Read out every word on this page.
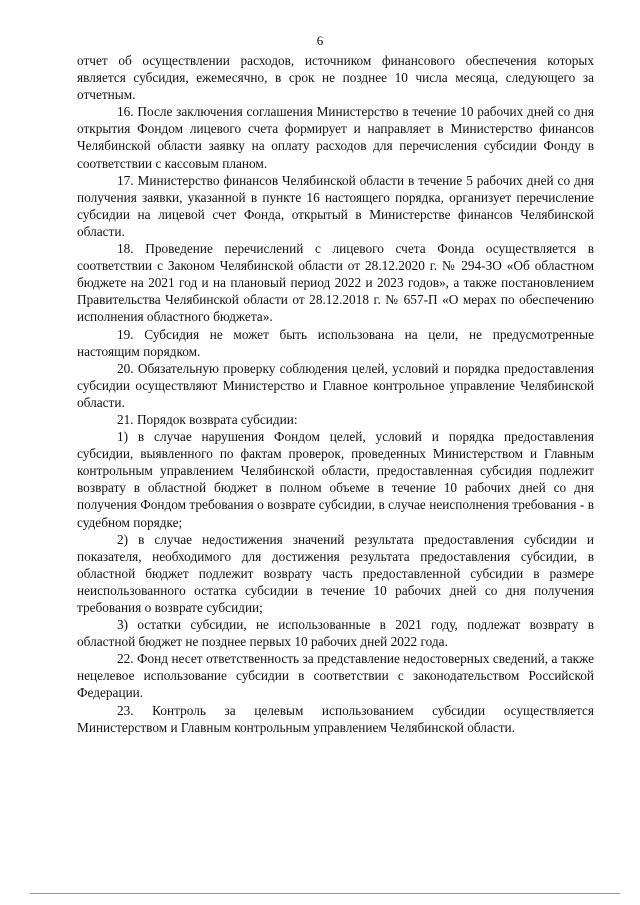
6

отчет об осуществлении расходов, источником финансового обеспечения которых является субсидия, ежемесячно, в срок не позднее 10 числа месяца, следующего за отчетным.

16. После заключения соглашения Министерство в течение 10 рабочих дней со дня открытия Фондом лицевого счета формирует и направляет в Министерство финансов Челябинской области заявку на оплату расходов для перечисления субсидии Фонду в соответствии с кассовым планом.

17. Министерство финансов Челябинской области в течение 5 рабочих дней со дня получения заявки, указанной в пункте 16 настоящего порядка, организует перечисление субсидии на лицевой счет Фонда, открытый в Министерстве финансов Челябинской области.

18. Проведение перечислений с лицевого счета Фонда осуществляется в соответствии с Законом Челябинской области от 28.12.2020 г. № 294-ЗО «Об областном бюджете на 2021 год и на плановый период 2022 и 2023 годов», а также постановлением Правительства Челябинской области от 28.12.2018 г. № 657-П «О мерах по обеспечению исполнения областного бюджета».

19. Субсидия не может быть использована на цели, не предусмотренные настоящим порядком.

20. Обязательную проверку соблюдения целей, условий и порядка предоставления субсидии осуществляют Министерство и Главное контрольное управление Челябинской области.

21. Порядок возврата субсидии:

1) в случае нарушения Фондом целей, условий и порядка предоставления субсидии, выявленного по фактам проверок, проведенных Министерством и Главным контрольным управлением Челябинской области, предоставленная субсидия подлежит возврату в областной бюджет в полном объеме в течение 10 рабочих дней со дня получения Фондом требования о возврате субсидии, в случае неисполнения требования - в судебном порядке;

2) в случае недостижения значений результата предоставления субсидии и показателя, необходимого для достижения результата предоставления субсидии, в областной бюджет подлежит возврату часть предоставленной субсидии в размере неиспользованного остатка субсидии в течение 10 рабочих дней со дня получения требования о возврате субсидии;

3) остатки субсидии, не использованные в 2021 году, подлежат возврату в областной бюджет не позднее первых 10 рабочих дней 2022 года.

22. Фонд несет ответственность за представление недостоверных сведений, а также нецелевое использование субсидии в соответствии с законодательством Российской Федерации.

23. Контроль за целевым использованием субсидии осуществляется Министерством и Главным контрольным управлением Челябинской области.
